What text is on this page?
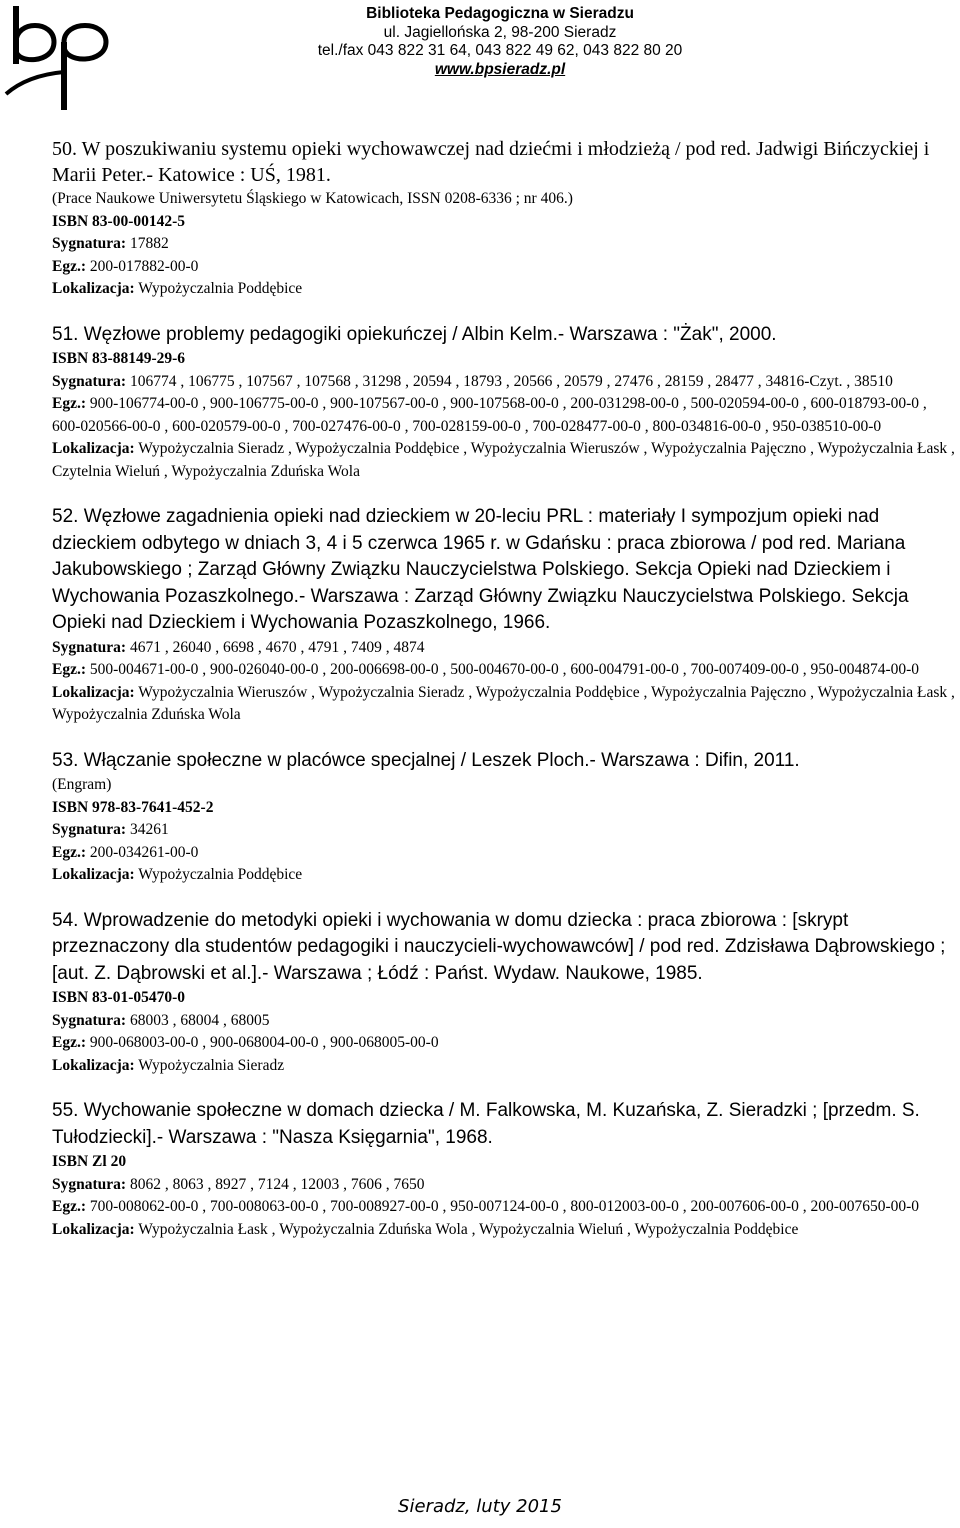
Biblioteka Pedagogiczna w Sieradzu
ul. Jagiellońska 2, 98-200 Sieradz
tel./fax 043 822 31 64, 043 822 49 62, 043 822 80 20
www.bpsieradz.pl
50. W poszukiwaniu systemu opieki wychowawczej nad dziećmi i młodzieżą / pod red. Jadwigi Bińczyckiej i Marii Peter.- Katowice : UŚ, 1981.
(Prace Naukowe Uniwersytetu Śląskiego w Katowicach, ISSN 0208-6336 ; nr 406.)
ISBN 83-00-00142-5
Sygnatura: 17882
Egz.: 200-017882-00-0
Lokalizacja: Wypożyczalnia Poddębice
51. Węzłowe problemy pedagogiki opiekuńczej / Albin Kelm.- Warszawa : "Żak", 2000.
ISBN 83-88149-29-6
Sygnatura: 106774 , 106775 , 107567 , 107568 , 31298 , 20594 , 18793 , 20566 , 20579 , 27476 , 28159 , 28477 , 34816-Czyt. , 38510
Egz.: 900-106774-00-0 , 900-106775-00-0 , 900-107567-00-0 , 900-107568-00-0 , 200-031298-00-0 , 500-020594-00-0 , 600-018793-00-0 , 600-020566-00-0 , 600-020579-00-0 , 700-027476-00-0 , 700-028159-00-0 , 700-028477-00-0 , 800-034816-00-0 , 950-038510-00-0
Lokalizacja: Wypożyczalnia Sieradz , Wypożyczalnia Poddębice , Wypożyczalnia Wieruszów , Wypożyczalnia Pajęczno , Wypożyczalnia Łask , Czytelnia Wieluń , Wypożyczalnia Zduńska Wola
52. Węzłowe zagadnienia opieki nad dzieckiem w 20-leciu PRL : materiały I sympozjum opieki nad dzieckiem odbytego w dniach 3, 4 i 5 czerwca 1965 r. w Gdańsku : praca zbiorowa / pod red. Mariana Jakubowskiego ; Zarząd Główny Związku Nauczycielstwa Polskiego. Sekcja Opieki nad Dzieckiem i Wychowania Pozaszkolnego.- Warszawa : Zarząd Główny Związku Nauczycielstwa Polskiego. Sekcja Opieki nad Dzieckiem i Wychowania Pozaszkolnego, 1966.
Sygnatura: 4671 , 26040 , 6698 , 4670 , 4791 , 7409 , 4874
Egz.: 500-004671-00-0 , 900-026040-00-0 , 200-006698-00-0 , 500-004670-00-0 , 600-004791-00-0 , 700-007409-00-0 , 950-004874-00-0
Lokalizacja: Wypożyczalnia Wieruszów , Wypożyczalnia Sieradz , Wypożyczalnia Poddębice , Wypożyczalnia Pajęczno , Wypożyczalnia Łask , Wypożyczalnia Zduńska Wola
53. Włączanie społeczne w placówce specjalnej / Leszek Ploch.- Warszawa : Difin, 2011.
(Engram)
ISBN 978-83-7641-452-2
Sygnatura: 34261
Egz.: 200-034261-00-0
Lokalizacja: Wypożyczalnia Poddębice
54. Wprowadzenie do metodyki opieki i wychowania w domu dziecka : praca zbiorowa : [skrypt przeznaczony dla studentów pedagogiki i nauczycieli-wychowawców] / pod red. Zdzisława Dąbrowskiego ; [aut. Z. Dąbrowski et al.].- Warszawa ; Łódź : Państ. Wydaw. Naukowe, 1985.
ISBN 83-01-05470-0
Sygnatura: 68003 , 68004 , 68005
Egz.: 900-068003-00-0 , 900-068004-00-0 , 900-068005-00-0
Lokalizacja: Wypożyczalnia Sieradz
55. Wychowanie społeczne w domach dziecka / M. Falkowska, M. Kuzańska, Z. Sieradzki ; [przedm. S. Tułodziecki].- Warszawa : "Nasza Księgarnia", 1968.
ISBN Zl 20
Sygnatura: 8062 , 8063 , 8927 , 7124 , 12003 , 7606 , 7650
Egz.: 700-008062-00-0 , 700-008063-00-0 , 700-008927-00-0 , 950-007124-00-0 , 800-012003-00-0 , 200-007606-00-0 , 200-007650-00-0
Lokalizacja: Wypożyczalnia Łask , Wypożyczalnia Zduńska Wola , Wypożyczalnia Wieluń , Wypożyczalnia Poddębice
Sieradz, luty 2015
